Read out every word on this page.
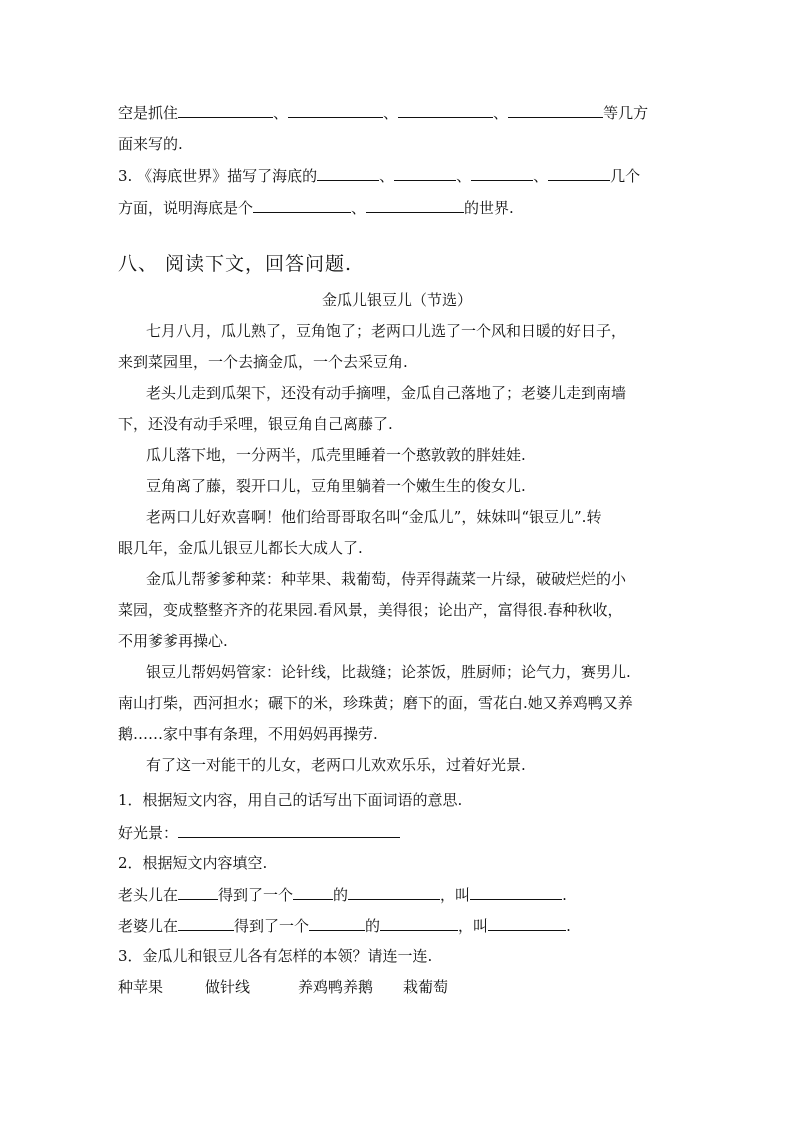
空是抓住	、	、	、	等几方
面来写的.
3. 《海底世界》描写了海底的	、	、	、	几个
方面，说明海底是个	、	的世界.
八、 阅读下文，回答问题.
金瓜儿银豆儿（节选）
七月八月，瓜儿熟了，豆角饱了；老两口儿选了一个风和日暖的好日子，
来到菜园里，一个去摘金瓜，一个去采豆角.
老头儿走到瓜架下，还没有动手摘哩，金瓜自己落地了；老婆儿走到南墙
下，还没有动手采哩，银豆角自己离藤了.
瓜儿落下地，一分两半，瓜壳里睡着一个憨敦敦的胖娃娃.
豆角离了藤，裂开口儿，豆角里躺着一个嫩生生的俊女儿.
老两口儿好欢喜啊！他们给哥哥取名叫“金瓜儿”，妹妹叫“银豆儿”.转
眼几年，金瓜儿银豆儿都长大成人了.
金瓜儿帮爹爹种菜：种苹果、栽葡萄，侍弄得蔬菜一片绿，破破烂烂的小
菜园，变成整整齐齐的花果园.看风景，美得很；论出产，富得很.春种秋收，
不用爹爹再操心.
银豆儿帮妈妈管家：论针线，比裁缝；论茶饭，胜厨师；论气力，赛男儿.
南山打柴，西河担水；碾下的米，珍珠黄；磨下的面，雪花白.她又养鸡鸭又养
鹅……家中事有条理，不用妈妈再操劳.
有了这一对能干的儿女，老两口儿欢欢乐乐，过着好光景.
1．根据短文内容，用自己的话写出下面词语的意思.
好光景：
2．根据短文内容填空.
老头儿在	得到了一个	的	，叫	.
老婆儿在	得到了一个	的	，叫	.
3．金瓜儿和银豆儿各有怎样的本领？请连一连.
种苹果	做针线	养鸡鸭养鹅 栽葡萄
